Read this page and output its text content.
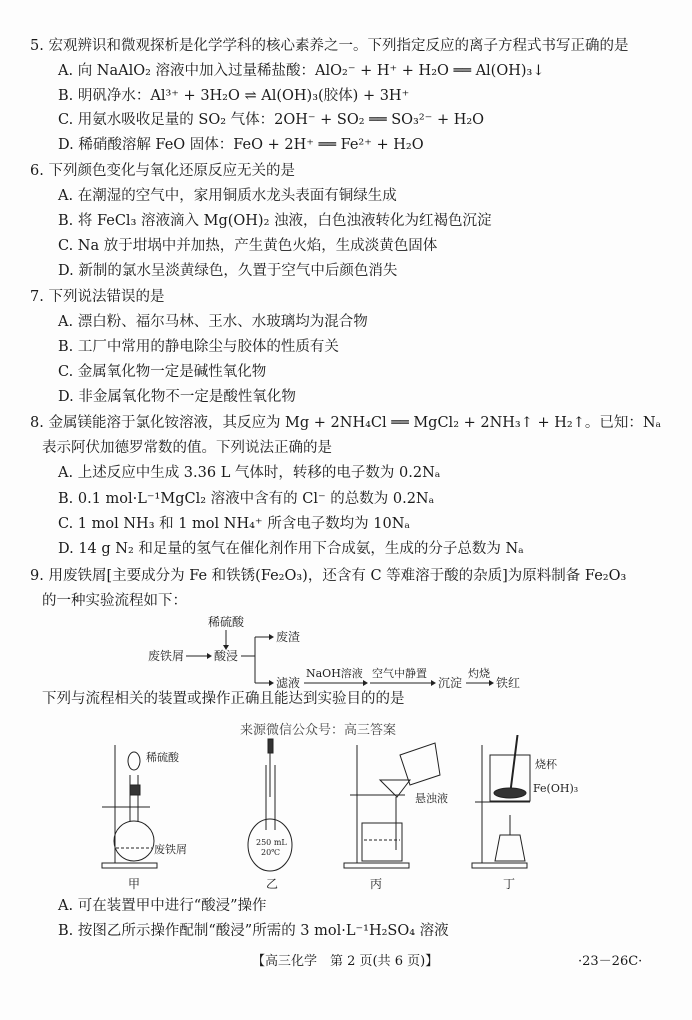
5. 宏观辨识和微观探析是化学学科的核心素养之一。下列指定反应的离子方程式书写正确的是
A. 向 NaAlO₂ 溶液中加入过量稀盐酸：AlO₂⁻ + H⁺ + H₂O ══ Al(OH)₃↓
B. 明矾净水：Al³⁺ + 3H₂O ⇌ Al(OH)₃(胶体) + 3H⁺
C. 用氨水吸收足量的 SO₂ 气体：2OH⁻ + SO₂ ══ SO₃²⁻ + H₂O
D. 稀硝酸溶解 FeO 固体：FeO + 2H⁺ ══ Fe²⁺ + H₂O
6. 下列颜色变化与氧化还原反应无关的是
A. 在潮湿的空气中，家用铜质水龙头表面有铜绿生成
B. 将 FeCl₃ 溶液滴入 Mg(OH)₂ 浊液，白色浊液转化为红褐色沉淀
C. Na 放于坩埚中并加热，产生黄色火焰，生成淡黄色固体
D. 新制的氯水呈淡黄绿色，久置于空气中后颜色消失
7. 下列说法错误的是
A. 漂白粉、福尔马林、王水、水玻璃均为混合物
B. 工厂中常用的静电除尘与胶体的性质有关
C. 金属氧化物一定是碱性氧化物
D. 非金属氧化物不一定是酸性氧化物
8. 金属镁能溶于氯化铵溶液，其反应为 Mg + 2NH₄Cl ══ MgCl₂ + 2NH₃↑ + H₂↑。已知：Nₐ
表示阿伏加德罗常数的值。下列说法正确的是
A. 上述反应中生成 3.36 L 气体时，转移的电子数为 0.2Nₐ
B. 0.1 mol·L⁻¹MgCl₂ 溶液中含有的 Cl⁻ 的总数为 0.2Nₐ
C. 1 mol NH₃ 和 1 mol NH₄⁺ 所含电子数均为 10Nₐ
D. 14 g N₂ 和足量的氢气在催化剂作用下合成氨，生成的分子总数为 Nₐ
9. 用废铁屑[主要成分为 Fe 和铁锈(Fe₂O₃)，还含有 C 等难溶于酸的杂质]为原料制备 Fe₂O₃
的一种实验流程如下：
稀硫酸
废铁屑 酸浸
废渣
滤液
NaOH溶液 空气中静置
沉淀
灼烧
铁红
下列与流程相关的装置或操作正确且能达到实验目的的是
来源微信公众号：高三答案
稀硫酸
废铁屑
甲
250 mL
20℃
乙
悬浊液
丙
烧杯
Fe(OH)₃
丁
A. 可在装置甲中进行“酸浸”操作
B. 按图乙所示操作配制“酸浸”所需的 3 mol·L⁻¹H₂SO₄ 溶液
【高三化学　第 2 页(共 6 页)】	·23－26C·
